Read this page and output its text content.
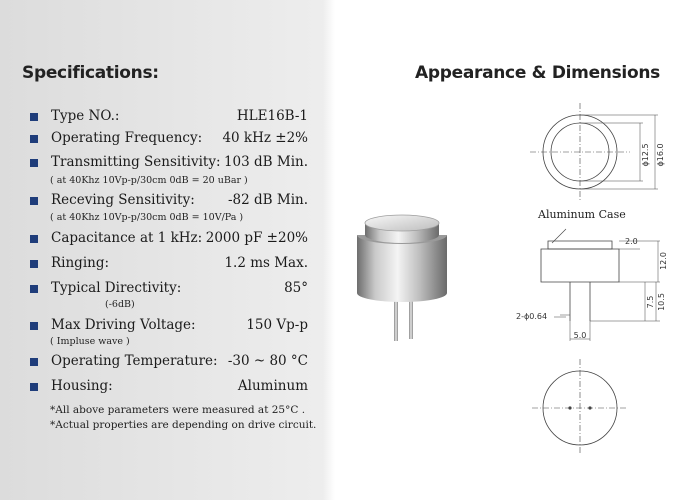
Specifications:	Appearance & Dimensions
Type NO.:	HLE16B-1
Operating Frequency: 40 kHz ±2%
Transmitting Sensitivity: 103 dB Min.
( at 40Khz 10Vp-p/30cm 0dB = 20 uBar )
Receving Sensitivity: -82 dB Min.
( at 40Khz 10Vp-p/30cm 0dB = 10V/Pa )
Capacitance at 1 kHz: 2000 pF ±20%
Ringing:	1.2 ms Max.
Typical Directivity:	85°
(-6dB)
Max Driving Voltage:	150 Vp-p
( Impluse wave )
Operating Temperature: -30 ~ 80 °C
Housing:	Aluminum
*All above parameters were measured at 25°C .
*Actual properties are depending on drive circuit.
ϕ12.5 ϕ16.0
2.0
12.0
2-ϕ0.64
7.5 10.5
5.0
Aluminum Case
